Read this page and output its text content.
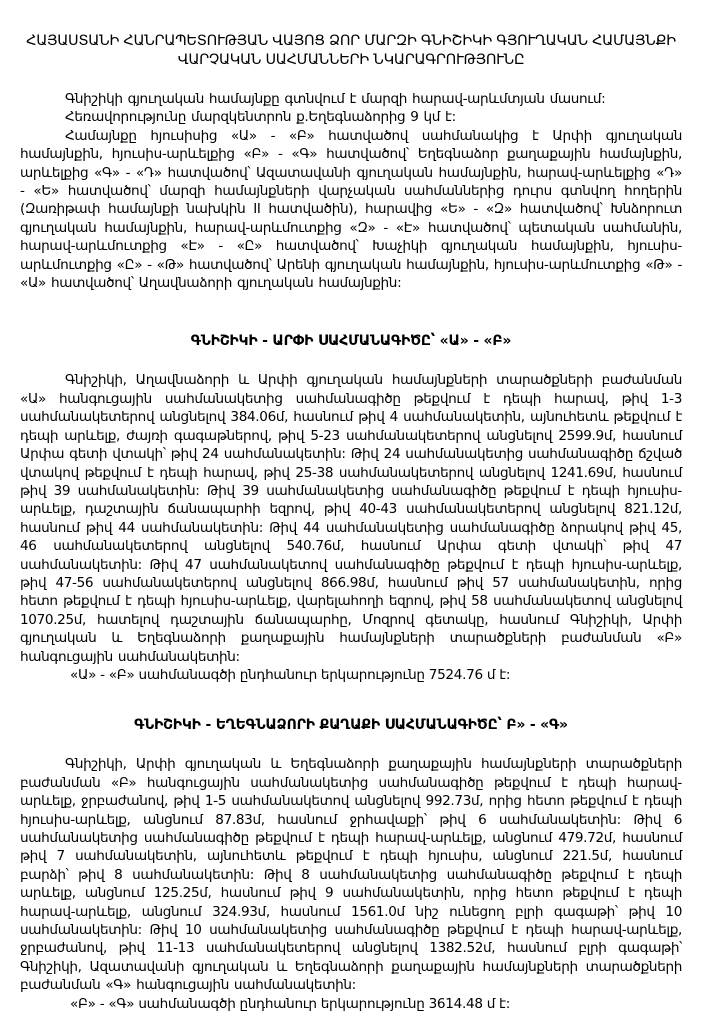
ՀԱՅԱՍՏԱՆԻ ՀԱՆՐԱՊԵՏՈՒԹՅԱՆ ՎԱՅՈՑ ՁՈՐ ՄԱՐԶԻ ԳՆԻՇԻԿԻ ԳՅՈՒՂԱԿԱՆ ՀԱՄԱՅՆՔԻ
ՎԱՐՉԱԿԱՆ ՍԱՀՄԱՆՆԵՐԻ ՆԿԱՐԱԳՐՈՒԹՅՈՒՆԸ

Գնիշիկի գյուղական համայնքը գտնվում է մարզի հարավ-արևմտյան մասում:

Հեռավորությունը մարզկենտրոն ք.Եղեգնաձորից 9 կմ է:

Համայնքը հյուսիսից «Ա» - «Բ» հատվածով սահմանակից է Արփի գյուղական համայնքին, հյուսիս-արևելքից «Բ» - «Գ» հատվածով՝ Եղեգնաձոր քաղաքային համայնքին, արևելքից «Գ» - «Դ» հատվածով՝ Ազատավանի գյուղական համայնքին, հարավ-արևելքից «Դ» - «Ե» հատվածով՝ մարզի համայնքների վարչական սահմաններից դուրս գտնվող հողերին (Զառիթափ համայնքի նախկին II հատվածին), հարավից «Ե» - «Զ» հատվածով՝ Խնձորուտ գյուղական համայնքին, հարավ-արևմուտքից «Զ» - «Է» հատվածով՝ պետական սահմանին, հարավ-արևմուտքից «Է» - «Ը» հատվածով՝ Խաչիկի գյուղական համայնքին, հյուսիս-արևմուտքից «Ը» - «Թ» հատվածով՝ Արենի գյուղական համայնքին, հյուսիս-արևմուտքից «Թ» - «Ա» հատվածով՝ Աղավնաձորի գյուղական համայնքին:

ԳՆԻՇԻԿԻ - ԱՐՓԻ ՍԱՀՄԱՆԱԳԻԾԸ՝ «Ա» - «Բ»

Գնիշիկի, Աղավնաձորի և Արփի գյուղական համայնքների տարածքների բաժանման «Ա» հանգուցային սահմանակետից սահմանագիծը թեքվում է դեպի հարավ, թիվ 1-3 սահմանակետերով անցնելով 384.06մ, հասնում թիվ 4 սահմանակետին, այնուհետև թեքվում է դեպի արևելք, ժայռի գագաթներով, թիվ 5-23 սահմանակետերով անցնելով 2599.9մ, հասնում Արփա գետի վտակի՝ թիվ 24 սահմանակետին: Թիվ 24 սահմանակետից սահմանագիծը ճշված վտակով թեքվում է դեպի հարավ, թիվ 25-38 սահմանակետերով անցնելով 1241.69մ, հասնում թիվ 39 սահմանակետին: Թիվ 39 սահմանակետից սահմանագիծը թեքվում է դեպի հյուսիս-արևելք, դաշտային ճանապարհի եզրով, թիվ 40-43 սահմանակետերով անցնելով 821.12մ, հասնում թիվ 44 սահմանակետին: Թիվ 44 սահմանակետից սահմանագիծը ձորակով թիվ 45, 46 սահմանակետերով անցնելով 540.76մ, հասնում Արփա գետի վտակի՝ թիվ 47 սահմանակետին: Թիվ 47 սահմանակետով սահմանագիծը թեքվում է դեպի հյուսիս-արևելք, թիվ 47-56 սահմանակետերով անցնելով 866.98մ, հասնում թիվ 57 սահմանակետին, որից հետո թեքվում է դեպի հյուսիս-արևելք, վարելահողի եզրով, թիվ 58 սահմանակետով անցնելով 1070.25մ, հատելով դաշտային ճանապարհը, Մոզրով գետակը, հասնում Գնիշիկի, Արփի գյուղական և Եղեգնաձորի քաղաքային համայնքների տարածքների բաժանման «Բ» հանգուցային սահմանակետին:

«Ա» - «Բ» սահմանագծի ընդհանուր երկարությունը 7524.76 մ է:

ԳՆԻՇԻԿԻ - ԵՂԵԳՆԱՁՈՐԻ ՔԱՂԱՔԻ ՍԱՀՄԱՆԱԳԻԾԸ՝ Բ» - «Գ»

Գնիշիկի, Արփի գյուղական և Եղեգնաձորի քաղաքային համայնքների տարածքների բաժանման «Բ» հանգուցային սահմանակետից սահմանագիծը թեքվում է դեպի հարավ-արևելք, ջրբաժանով, թիվ 1-5 սահմանակետով անցնելով 992.73մ, որից հետո թեքվում է դեպի հյուսիս-արևելք, անցնում 87.83մ, հասնում ջրհավաքի՝ թիվ 6 սահմանակետին: Թիվ 6 սահմանակետից սահմանագիծը թեքվում է դեպի հարավ-արևելք, անցնում 479.72մ, հասնում թիվ 7 սահմանակետին, այնուհետև թեքվում է դեպի հյուսիս, անցնում 221.5մ, հասնում բարձի՝ թիվ 8 սահմանակետին: Թիվ 8 սահմանակետից սահմանագիծը թեքվում է դեպի արևելք, անցնում 125.25մ, հասնում թիվ 9 սահմանակետին, որից հետո թեքվում է դեպի հարավ-արևելք, անցնում 324.93մ, հասնում 1561.0մ նիշ ունեցող բլրի գագաթի՝ թիվ 10 սահմանակետին: Թիվ 10 սահմանակետից սահմանագիծը թեքվում է դեպի հարավ-արևելք, ջրբաժանով, թիվ 11-13 սահմանակետերով անցնելով 1382.52մ, հասնում բլրի գագաթի՝ Գնիշիկի, Ազատավանի գյուղական և Եղեգնաձորի քաղաքային համայնքների տարածքների բաժանման «Գ» հանգուցային սահմանակետին:

«Բ» - «Գ» սահմանագծի ընդհանուր երկարությունը 3614.48 մ է:
